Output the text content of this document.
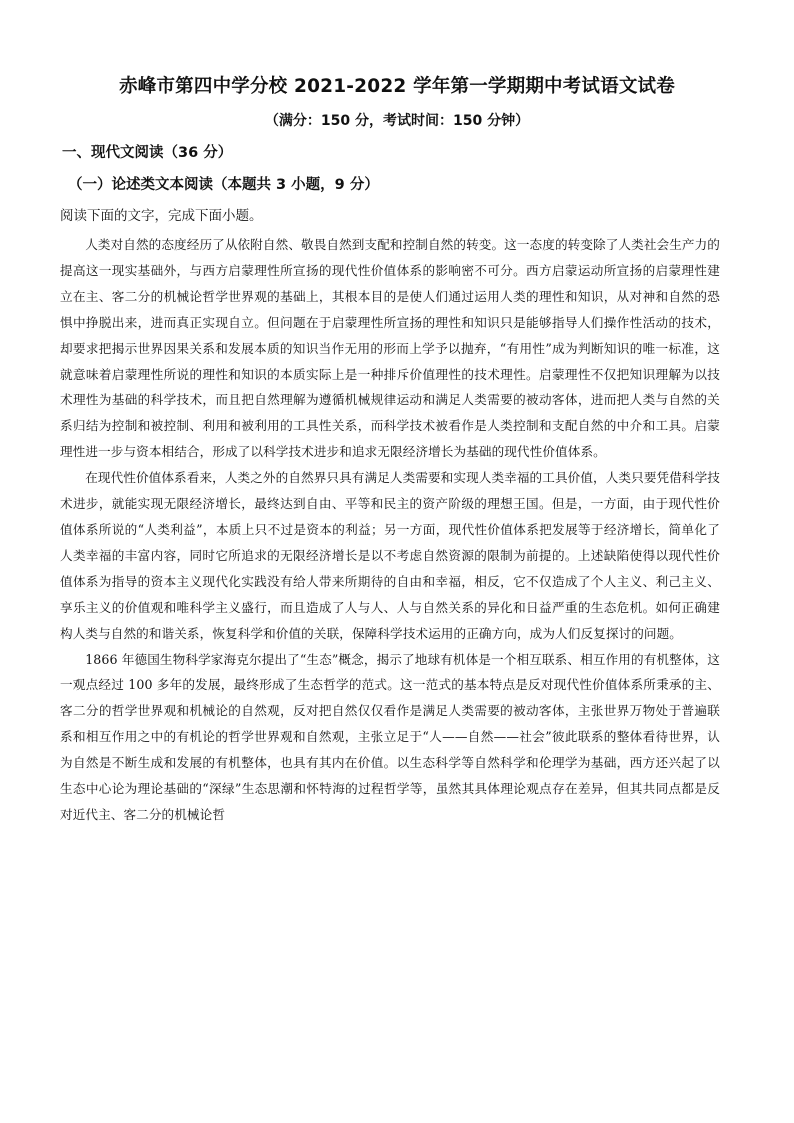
赤峰市第四中学分校 2021-2022 学年第一学期期中考试语文试卷
（满分：150 分，考试时间：150 分钟）
一、现代文阅读（36 分）
（一）论述类文本阅读（本题共 3 小题，9 分）
阅读下面的文字，完成下面小题。

人类对自然的态度经历了从依附自然、敬畏自然到支配和控制自然的转变。这一态度的转变除了人类社会生产力的提高这一现实基础外，与西方启蒙理性所宣扬的现代性价值体系的影响密不可分。西方启蒙运动所宣扬的启蒙理性建立在主、客二分的机械论哲学世界观的基础上，其根本目的是使人们通过运用人类的理性和知识，从对神和自然的恐惧中挣脱出来，进而真正实现自立。但问题在于启蒙理性所宣扬的理性和知识只是能够指导人们操作性活动的技术，却要求把揭示世界因果关系和发展本质的知识当作无用的形而上学予以抛弃，“有用性”成为判断知识的唯一标准，这就意味着启蒙理性所说的理性和知识的本质实际上是一种排斥价值理性的技术理性。启蒙理性不仅把知识理解为以技术理性为基础的科学技术，而且把自然理解为遵循机械规律运动和满足人类需要的被动客体，进而把人类与自然的关系归结为控制和被控制、利用和被利用的工具性关系，而科学技术被看作是人类控制和支配自然的中介和工具。启蒙理性进一步与资本相结合，形成了以科学技术进步和追求无限经济增长为基础的现代性价值体系。

在现代性价值体系看来，人类之外的自然界只具有满足人类需要和实现人类幸福的工具价值，人类只要凭借科学技术进步，就能实现无限经济增长，最终达到自由、平等和民主的资产阶级的理想王国。但是，一方面，由于现代性价值体系所说的“人类利益”，本质上只不过是资本的利益；另一方面，现代性价值体系把发展等于经济增长，简单化了人类幸福的丰富内容，同时它所追求的无限经济增长是以不考虑自然资源的限制为前提的。上述缺陷使得以现代性价值体系为指导的资本主义现代化实践没有给人带来所期待的自由和幸福，相反，它不仅造成了个人主义、利己主义、享乐主义的价值观和唯科学主义盛行，而且造成了人与人、人与自然关系的异化和日益严重的生态危机。如何正确建构人类与自然的和谐关系，恢复科学和价值的关联，保障科学技术运用的正确方向，成为人们反复探讨的问题。

1866 年德国生物科学家海克尔提出了“生态”概念，揭示了地球有机体是一个相互联系、相互作用的有机整体，这一观点经过 100 多年的发展，最终形成了生态哲学的范式。这一范式的基本特点是反对现代性价值体系所秉承的主、客二分的哲学世界观和机械论的自然观，反对把自然仅仅看作是满足人类需要的被动客体，主张世界万物处于普遍联系和相互作用之中的有机论的哲学世界观和自然观，主张立足于“人——自然——社会”彼此联系的整体看待世界，认为自然是不断生成和发展的有机整体，也具有其内在价值。以生态科学等自然科学和伦理学为基础，西方还兴起了以生态中心论为理论基础的“深绿”生态思潮和怀特海的过程哲学等，虽然其具体理论观点存在差异，但其共同点都是反对近代主、客二分的机械论哲
